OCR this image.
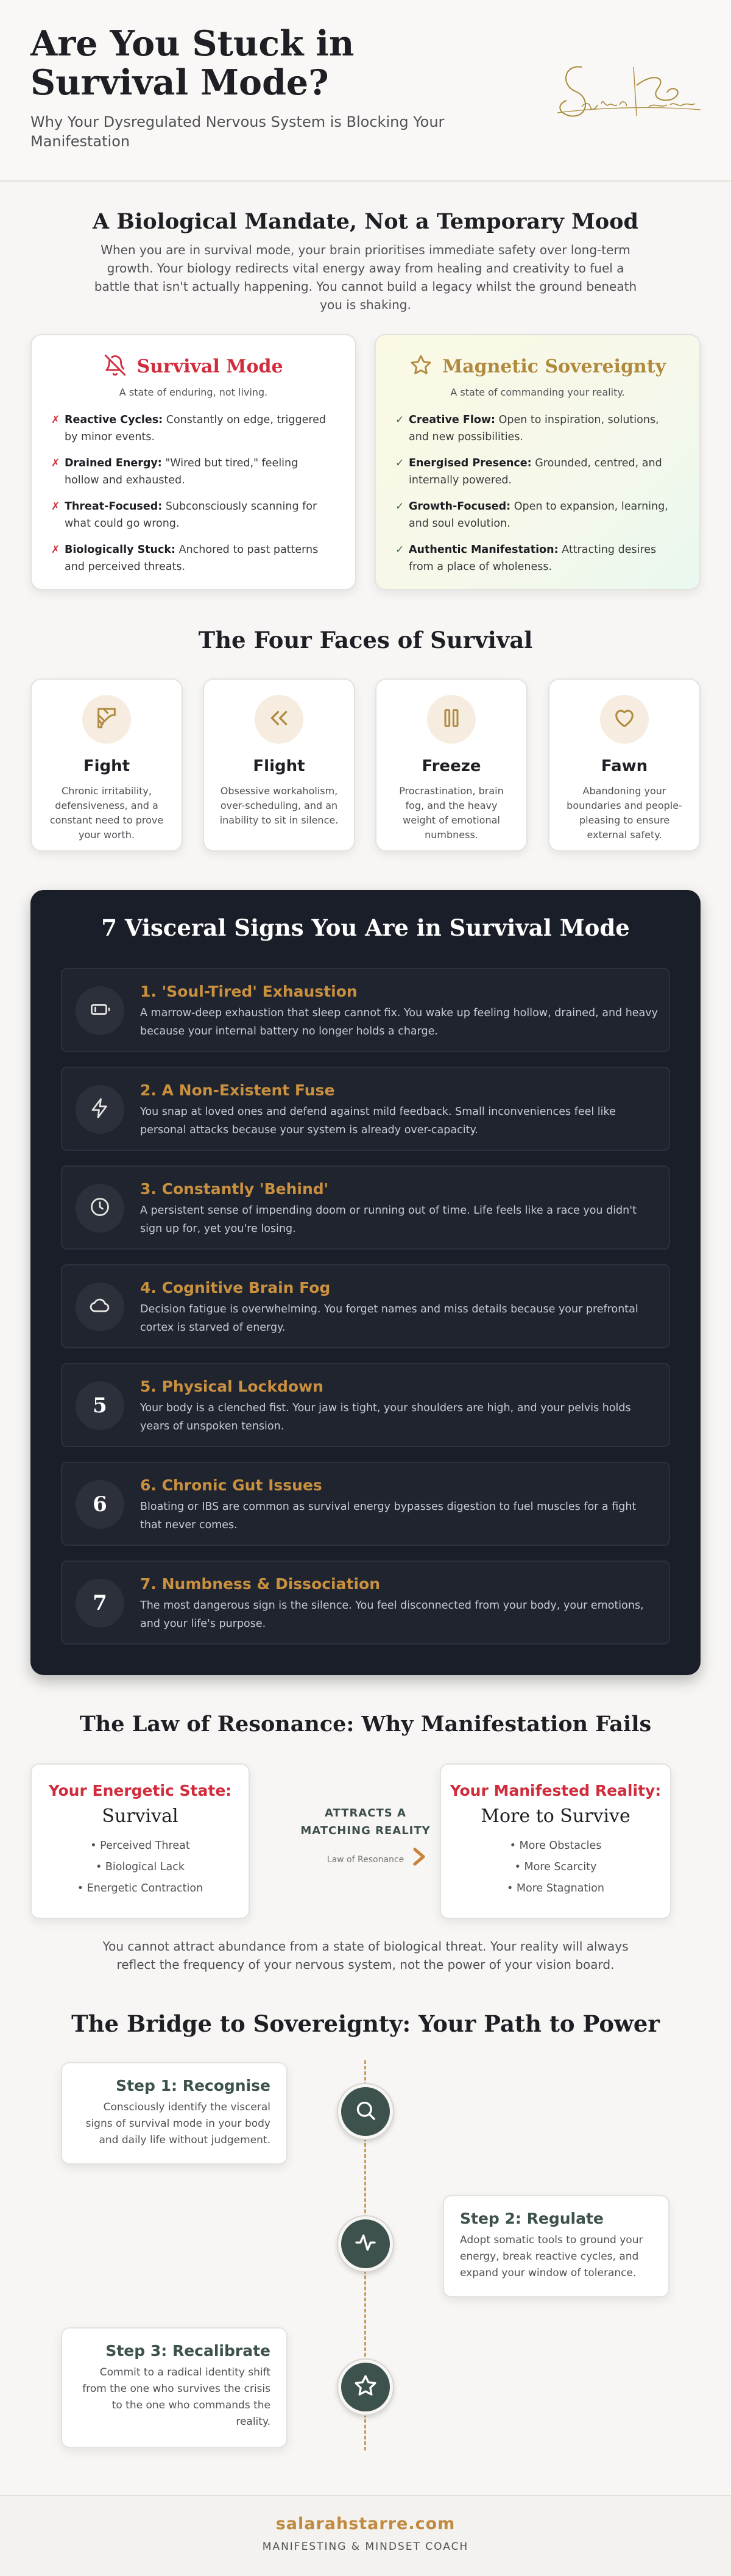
Are You Stuck in
Survival Mode?
Why Your Dysregulated Nervous System is Blocking Your Manifestation
A Biological Mandate, Not a Temporary Mood
When you are in survival mode, your brain prioritises immediate safety over long-term growth. Your biology redirects vital energy away from healing and creativity to fuel a battle that isn't actually happening. You cannot build a legacy whilst the ground beneath you is shaking.
Survival Mode
A state of enduring, not living.
✗ Reactive Cycles: Constantly on edge, triggered by minor events.
✗ Drained Energy: "Wired but tired," feeling hollow and exhausted.
✗ Threat-Focused: Subconsciously scanning for what could go wrong.
✗ Biologically Stuck: Anchored to past patterns and perceived threats.
Magnetic Sovereignty
A state of commanding your reality.
✓ Creative Flow: Open to inspiration, solutions, and new possibilities.
✓ Energised Presence: Grounded, centred, and internally powered.
✓ Growth-Focused: Open to expansion, learning, and soul evolution.
✓ Authentic Manifestation: Attracting desires from a place of wholeness.
The Four Faces of Survival
Fight
Chronic irritability, defensiveness, and a constant need to prove your worth.
Flight
Obsessive workaholism, over-scheduling, and an inability to sit in silence.
Freeze
Procrastination, brain fog, and the heavy weight of emotional numbness.
Fawn
Abandoning your boundaries and people-pleasing to ensure external safety.
7 Visceral Signs You Are in Survival Mode
1. 'Soul-Tired' Exhaustion
A marrow-deep exhaustion that sleep cannot fix. You wake up feeling hollow, drained, and heavy because your internal battery no longer holds a charge.
2. A Non-Existent Fuse
You snap at loved ones and defend against mild feedback. Small inconveniences feel like personal attacks because your system is already over-capacity.
3. Constantly 'Behind'
A persistent sense of impending doom or running out of time. Life feels like a race you didn't sign up for, yet you're losing.
4. Cognitive Brain Fog
Decision fatigue is overwhelming. You forget names and miss details because your prefrontal cortex is starved of energy.
5
5. Physical Lockdown
Your body is a clenched fist. Your jaw is tight, your shoulders are high, and your pelvis holds years of unspoken tension.
6
6. Chronic Gut Issues
Bloating or IBS are common as survival energy bypasses digestion to fuel muscles for a fight that never comes.
7
7. Numbness & Dissociation
The most dangerous sign is the silence. You feel disconnected from your body, your emotions, and your life's purpose.
The Law of Resonance: Why Manifestation Fails
Your Energetic State:
Survival
• Perceived Threat
• Biological Lack
• Energetic Contraction
ATTRACTS A
MATCHING REALITY
Law of Resonance
Your Manifested Reality:
More to Survive
• More Obstacles
• More Scarcity
• More Stagnation
You cannot attract abundance from a state of biological threat. Your reality will always reflect the frequency of your nervous system, not the power of your vision board.
The Bridge to Sovereignty: Your Path to Power
Step 1: Recognise
Consciously identify the visceral signs of survival mode in your body and daily life without judgement.
Step 2: Regulate
Adopt somatic tools to ground your energy, break reactive cycles, and expand your window of tolerance.
Step 3: Recalibrate
Commit to a radical identity shift from the one who survives the crisis to the one who commands the reality.
salarahstarre.com
MANIFESTING & MINDSET COACH
